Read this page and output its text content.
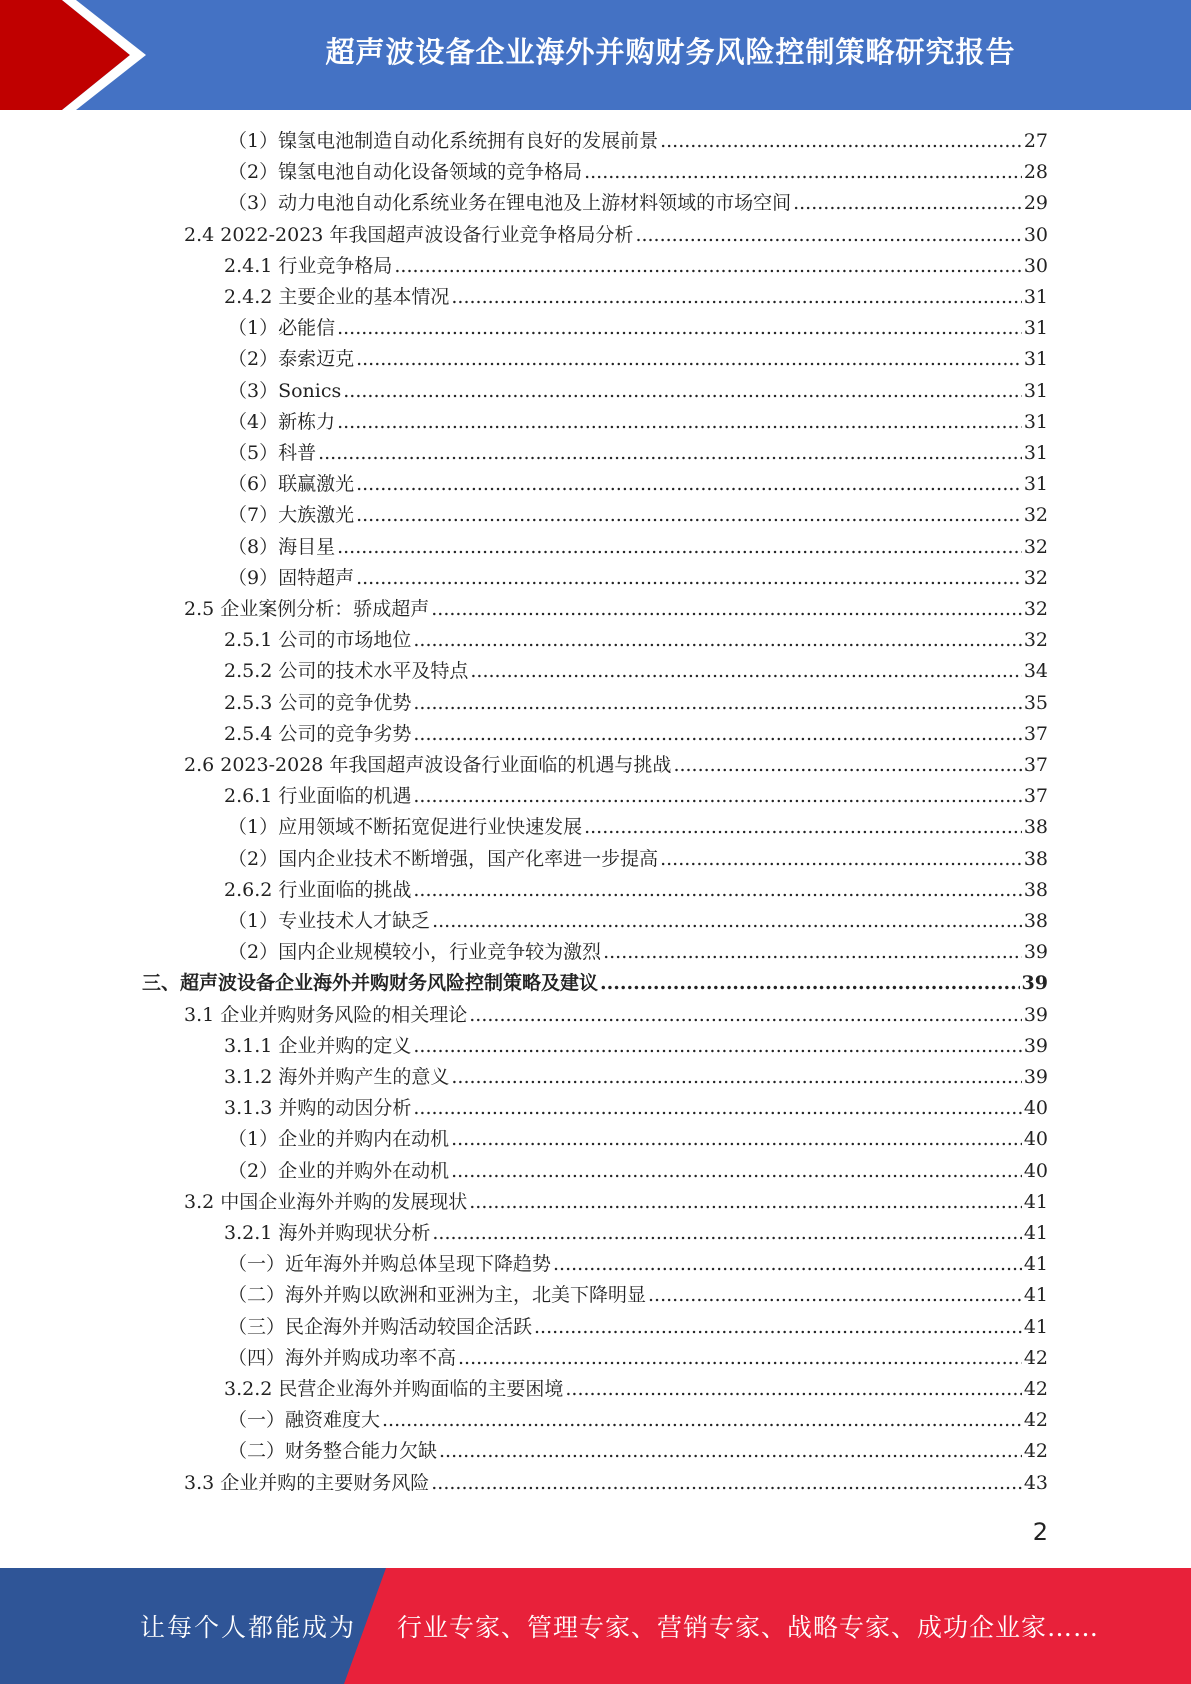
超声波设备企业海外并购财务风险控制策略研究报告
（1）镍氢电池制造自动化系统拥有良好的发展前景 .....	27
（2）镍氢电池自动化设备领域的竞争格局 .....	28
（3）动力电池自动化系统业务在锂电池及上游材料领域的市场空间 .....	29
2.4 2022-2023 年我国超声波设备行业竞争格局分析 .....	30
2.4.1 行业竞争格局 .....	30
2.4.2 主要企业的基本情况 .....	31
（1）必能信 .....	31
（2）泰索迈克 .....	31
（3）Sonics .....	31
（4）新栋力 .....	31
（5）科普 .....	31
（6）联赢激光 .....	31
（7）大族激光 .....	32
（8）海目星 .....	32
（9）固特超声 .....	32
2.5 企业案例分析：骄成超声 .....	32
2.5.1 公司的市场地位 .....	32
2.5.2 公司的技术水平及特点 .....	34
2.5.3 公司的竞争优势 .....	35
2.5.4 公司的竞争劣势 .....	37
2.6 2023-2028 年我国超声波设备行业面临的机遇与挑战 .....	37
2.6.1 行业面临的机遇 .....	37
（1）应用领域不断拓宽促进行业快速发展 .....	38
（2）国内企业技术不断增强，国产化率进一步提高 .....	38
2.6.2 行业面临的挑战 .....	38
（1）专业技术人才缺乏 .....	38
（2）国内企业规模较小，行业竞争较为激烈 .....	39
三、超声波设备企业海外并购财务风险控制策略及建议 .....	39
3.1 企业并购财务风险的相关理论 .....	39
3.1.1 企业并购的定义 .....	39
3.1.2 海外并购产生的意义 .....	39
3.1.3 并购的动因分析 .....	40
（1）企业的并购内在动机 .....	40
（2）企业的并购外在动机 .....	40
3.2 中国企业海外并购的发展现状 .....	41
3.2.1 海外并购现状分析 .....	41
（一）近年海外并购总体呈现下降趋势 .....	41
（二）海外并购以欧洲和亚洲为主，北美下降明显 .....	41
（三）民企海外并购活动较国企活跃 .....	41
（四）海外并购成功率不高 .....	42
3.2.2 民营企业海外并购面临的主要困境 .....	42
（一）融资难度大 .....	42
（二）财务整合能力欠缺 .....	42
3.3 企业并购的主要财务风险 .....	43
2
让每个人都能成为 行业专家、管理专家、营销专家、战略专家、成功企业家……
